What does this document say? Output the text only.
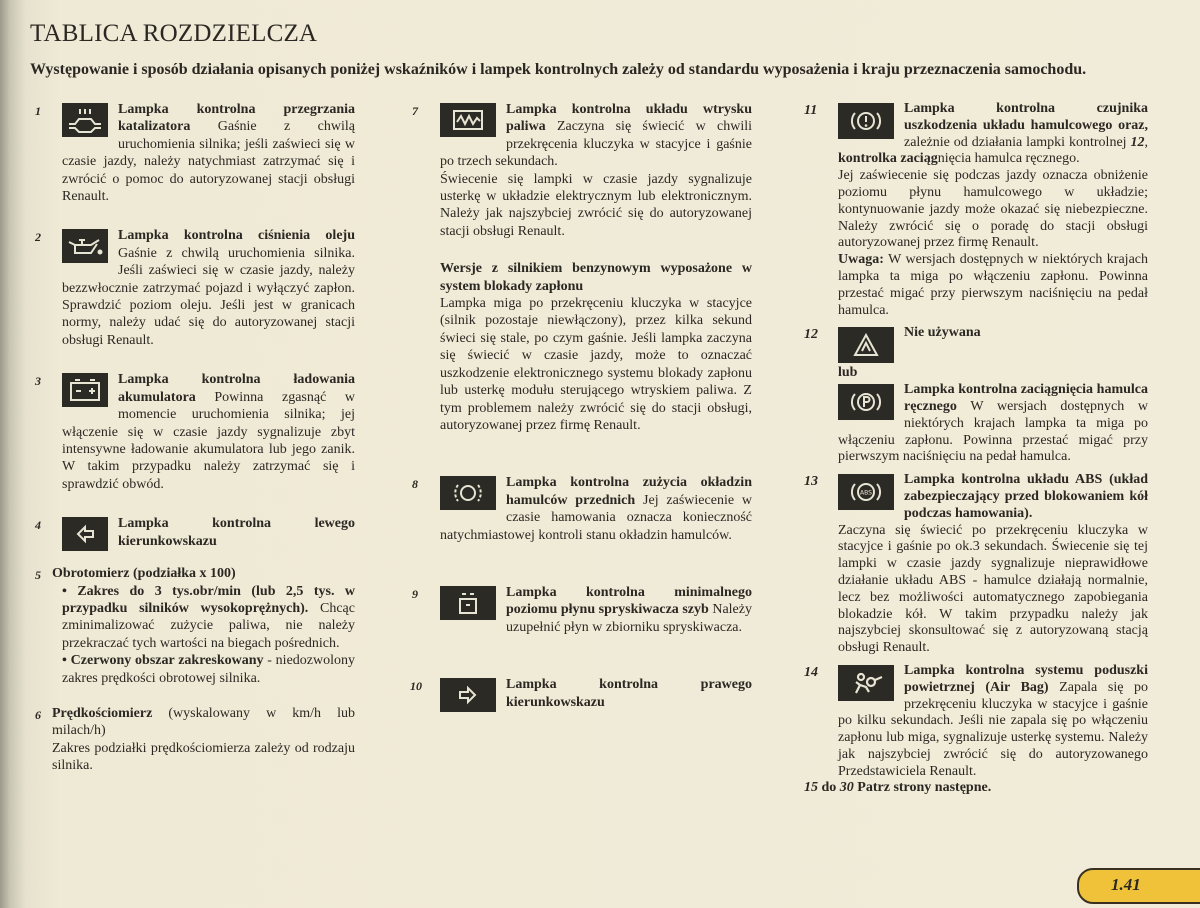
TABLICA ROZDZIELCZA
Występowanie i sposób działania opisanych poniżej wskaźników i lampek kontrolnych zależy od standardu wyposażenia i kraju przeznaczenia samochodu.
1	Lampka kontrolna przegrzania katalizatora Gaśnie z chwilą uruchomienia silnika; jeśli zaświeci się w czasie jazdy, należy natychmiast zatrzymać się i zwrócić o pomoc do autoryzowanej stacji obsługi Renault.

2	Lampka kontrolna ciśnienia oleju Gaśnie z chwilą uruchomienia silnika. Jeśli zaświeci się w czasie jazdy, należy bezzwłocznie zatrzymać pojazd i wyłączyć zapłon. Sprawdzić poziom oleju. Jeśli jest w granicach normy, należy udać się do autoryzowanej stacji obsługi Renault.

3	Lampka kontrolna ładowania akumulatora Powinna zgasnąć w momencie uruchomienia silnika; jej włączenie się w czasie jazdy sygnalizuje zbyt intensywne ładowanie akumulatora lub jego zanik. W takim przypadku należy zatrzymać się i sprawdzić obwód.

4	Lampka kontrolna lewego kierunkowskazu

5 Obrotomierz (podziałka x 100)

• Zakres do 3 tys.obr/min (lub 2,5 tys. w przypadku silników wysokoprężnych). Chcąc zminimalizować zużycie paliwa, nie należy przekraczać tych wartości na biegach pośrednich.

• Czerwony obszar zakreskowany - niedozwolony zakres prędkości obrotowej silnika.

6 Prędkościomierz (wyskalowany w km/h lub milach/h)

Zakres podziałki prędkościomierza zależy od rodzaju silnika.

7	Lampka kontrolna układu wtrysku paliwa Zaczyna się świecić w chwili przekręcenia kluczyka w stacyjce i gaśnie po trzech sekundach.

Świecenie się lampki w czasie jazdy sygnalizuje usterkę w układzie elektrycznym lub elektronicznym. Należy jak najszybciej zwrócić się do autoryzowanej stacji obsługi Renault.

Wersje z silnikiem benzynowym wyposażone w system blokady zapłonu

Lampka miga po przekręceniu kluczyka w stacyjce (silnik pozostaje niewłączony), przez kilka sekund świeci się stale, po czym gaśnie. Jeśli lampka zaczyna się świecić w czasie jazdy, może to oznaczać uszkodzenie elektronicznego systemu blokady zapłonu lub usterkę modułu sterującego wtryskiem paliwa. Z tym problemem należy zwrócić się do stacji obsługi, autoryzowanej przez firmę Renault.

8	Lampka kontrolna zużycia okładzin hamulców przednich Jej zaświecenie w czasie hamowania oznacza konieczność natychmiastowej kontroli stanu okładzin hamulców.

9	Lampka kontrolna minimalnego poziomu płynu spryskiwacza szyb Należy uzupełnić płyn w zbiorniku spryskiwacza.

10	Lampka kontrolna prawego kierunkowskazu

11	Lampka kontrolna czujnika uszkodzenia układu hamulcowego oraz, zależnie od działania lampki kontrolnej 12, kontrolka zaciągnięcia hamulca ręcznego.

Jej zaświecenie się podczas jazdy oznacza obniżenie poziomu płynu hamulcowego w układzie; kontynuowanie jazdy może okazać się niebezpieczne. Należy zwrócić się o poradę do stacji obsługi autoryzowanej przez firmę Renault.

Uwaga: W wersjach dostępnych w niektórych krajach lampka ta miga po włączeniu zapłonu. Powinna przestać migać przy pierwszym naciśnięciu na pedał hamulca.

12	Nie używana

lub

Lampka kontrolna zaciągnięcia hamulca ręcznego W wersjach dostępnych w niektórych krajach lampka ta miga po włączeniu zapłonu. Powinna przestać migać przy pierwszym naciśnięciu na pedał hamulca.

13
ABS

Lampka kontrolna układu ABS (układ zabezpieczający przed blokowaniem kół podczas hamowania).

Zaczyna się świecić po przekręceniu kluczyka w stacyjce i gaśnie po ok.3 sekundach. Świecenie się tej lampki w czasie jazdy sygnalizuje nieprawidłowe działanie układu ABS - hamulce działają normalnie, lecz bez możliwości automatycznego zapobiegania blokadzie kół. W takim przypadku należy jak najszybciej skonsultować się z autoryzowaną stacją obsługi Renault.

14	Lampka kontrolna systemu poduszki powietrznej (Air Bag) Zapala się po przekręceniu kluczyka w stacyjce i gaśnie po kilku sekundach. Jeśli nie zapala się po włączeniu zapłonu lub miga, sygnalizuje usterkę systemu. Należy jak najszybciej zwrócić się do autoryzowanego Przedstawiciela Renault.

15 do 30 Patrz strony następne.
1.41
